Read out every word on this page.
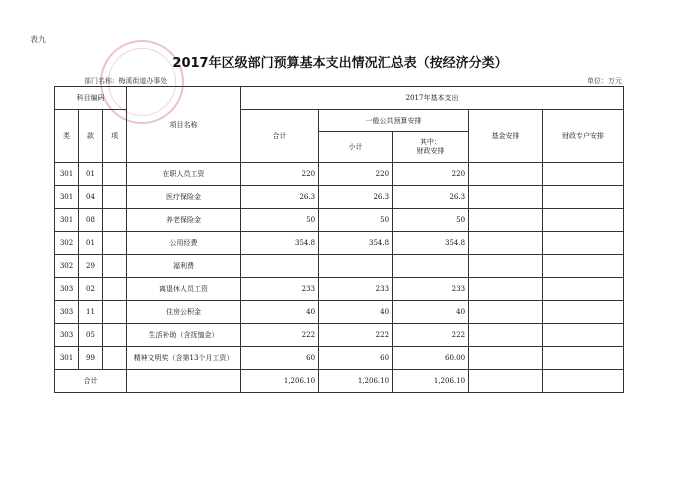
表九
2017年区级部门预算基本支出情况汇总表（按经济分类）
部门名称: 梅溪街道办事处	单位：万元
科目编码			项目名称	2017年基本支出				
类	款	项		合计	一般公共预算安排		基金安排	财政专户安排
					小计	其中：
财政安排		

301	01		在职人员工资	220	220	220		
301	04		医疗保险金	26.3	26.3	26.3		
301	08		养老保险金	50	50	50		
302	01		公用经费	354.8	354.8	354.8		
302	29		福利费					
303	02		离退休人员工资	233	233	233		
303	11		住房公积金	40	40	40		
303	05		生活补助（含抚恤金）	222	222	222		
301	99		精神文明奖（含第13个月工资）	60	60	60.00		
合计				1,206.10	1,206.10	1,206.10		
